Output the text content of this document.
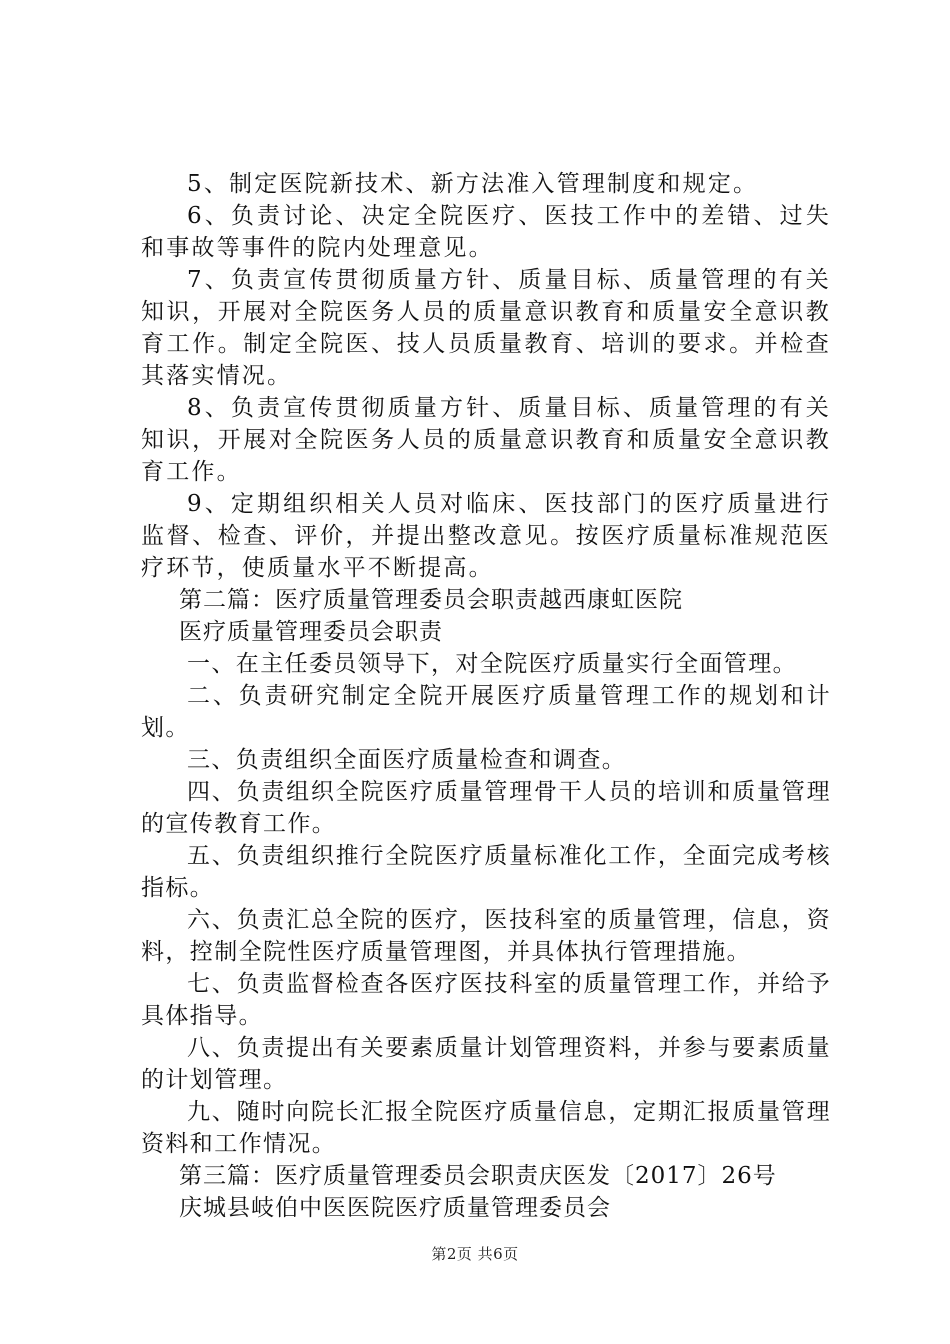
5、制定医院新技术、新方法准入管理制度和规定。

6、负责讨论、决定全院医疗、医技工作中的差错、过失和事故等事件的院内处理意见。

7、负责宣传贯彻质量方针、质量目标、质量管理的有关知识，开展对全院医务人员的质量意识教育和质量安全意识教育工作。制定全院医、技人员质量教育、培训的要求。并检查其落实情况。

8、负责宣传贯彻质量方针、质量目标、质量管理的有关知识，开展对全院医务人员的质量意识教育和质量安全意识教育工作。

9、定期组织相关人员对临床、医技部门的医疗质量进行监督、检查、评价，并提出整改意见。按医疗质量标准规范医疗环节，使质量水平不断提高。

第二篇：医疗质量管理委员会职责越西康虹医院

医疗质量管理委员会职责

一、在主任委员领导下，对全院医疗质量实行全面管理。

二、负责研究制定全院开展医疗质量管理工作的规划和计划。

三、负责组织全面医疗质量检查和调查。

四、负责组织全院医疗质量管理骨干人员的培训和质量管理的宣传教育工作。

五、负责组织推行全院医疗质量标准化工作，全面完成考核指标。

六、负责汇总全院的医疗，医技科室的质量管理，信息，资料，控制全院性医疗质量管理图，并具体执行管理措施。

七、负责监督检查各医疗医技科室的质量管理工作，并给予具体指导。

八、负责提出有关要素质量计划管理资料，并参与要素质量的计划管理。

九、随时向院长汇报全院医疗质量信息，定期汇报质量管理资料和工作情况。

第三篇：医疗质量管理委员会职责庆医发〔2017〕26号

庆城县岐伯中医医院医疗质量管理委员会

第2页 共6页
